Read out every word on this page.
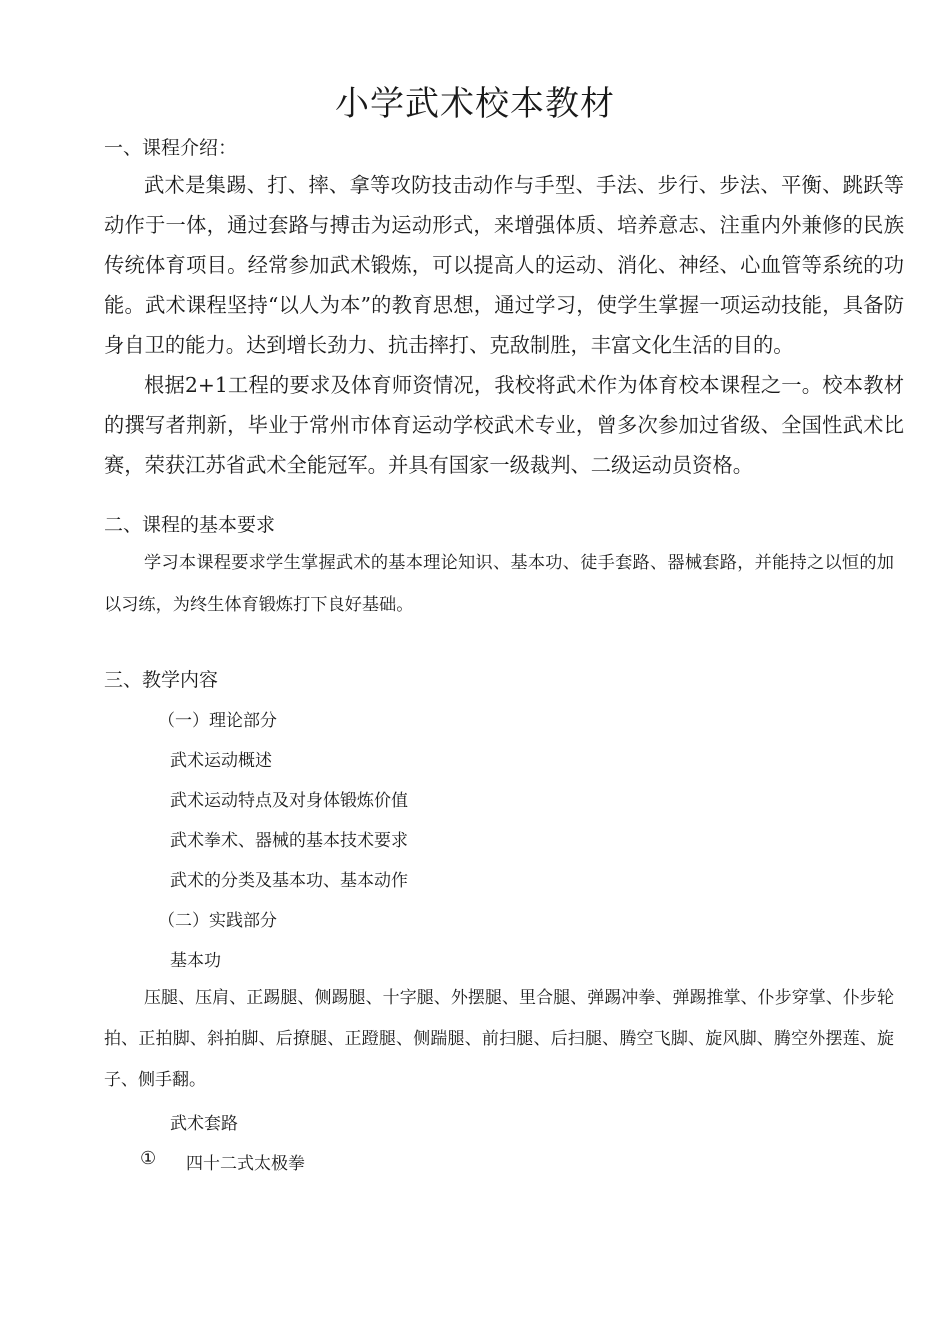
小学武术校本教材
一、课程介绍：

武术是集踢、打、摔、拿等攻防技击动作与手型、手法、步行、步法、平衡、跳跃等动作于一体，通过套路与搏击为运动形式，来增强体质、培养意志、注重内外兼修的民族传统体育项目。经常参加武术锻炼，可以提高人的运动、消化、神经、心血管等系统的功能。武术课程坚持“以人为本”的教育思想，通过学习，使学生掌握一项运动技能，具备防身自卫的能力。达到增长劲力、抗击摔打、克敌制胜，丰富文化生活的目的。

根据2+1工程的要求及体育师资情况，我校将武术作为体育校本课程之一。校本教材的撰写者荆新，毕业于常州市体育运动学校武术专业，曾多次参加过省级、全国性武术比赛，荣获江苏省武术全能冠军。并具有国家一级裁判、二级运动员资格。

二、课程的基本要求

学习本课程要求学生掌握武术的基本理论知识、基本功、徒手套路、器械套路，并能持之以恒的加以习练，为终生体育锻炼打下良好基础。

三、教学内容
（一）理论部分
武术运动概述
武术运动特点及对身体锻炼价值
武术拳术、器械的基本技术要求
武术的分类及基本功、基本动作
（二）实践部分
基本功

压腿、压肩、正踢腿、侧踢腿、十字腿、外摆腿、里合腿、弹踢冲拳、弹踢推掌、仆步穿掌、仆步轮拍、正拍脚、斜拍脚、后撩腿、正蹬腿、侧踹腿、前扫腿、后扫腿、腾空飞脚、旋风脚、腾空外摆莲、旋子、侧手翻。

武术套路
① 四十二式太极拳
